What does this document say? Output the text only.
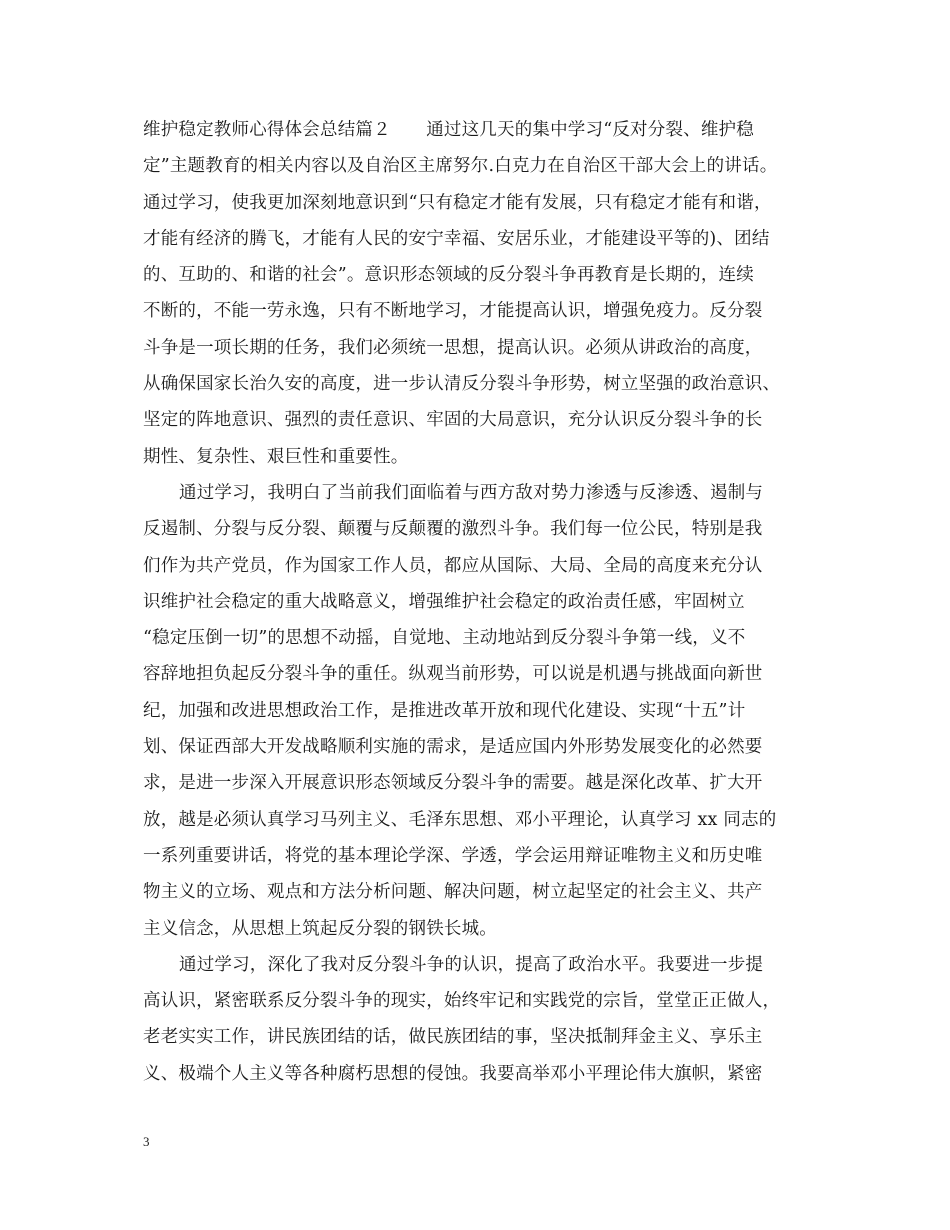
维护稳定教师心得体会总结篇２　　通过这几天的集中学习“反对分裂、维护稳
定”主题教育的相关内容以及自治区主席努尔.白克力在自治区干部大会上的讲话。
通过学习，使我更加深刻地意识到“只有稳定才能有发展，只有稳定才能有和谐，
才能有经济的腾飞，才能有人民的安宁幸福、安居乐业，才能建设平等的)、团结
的、互助的、和谐的社会”。意识形态领域的反分裂斗争再教育是长期的，连续
不断的，不能一劳永逸，只有不断地学习，才能提高认识，增强免疫力。反分裂
斗争是一项长期的任务，我们必须统一思想，提高认识。必须从讲政治的高度，
从确保国家长治久安的高度，进一步认清反分裂斗争形势，树立坚强的政治意识、
坚定的阵地意识、强烈的责任意识、牢固的大局意识，充分认识反分裂斗争的长
期性、复杂性、艰巨性和重要性。
通过学习，我明白了当前我们面临着与西方敌对势力渗透与反渗透、遏制与
反遏制、分裂与反分裂、颠覆与反颠覆的激烈斗争。我们每一位公民，特别是我
们作为共产党员，作为国家工作人员，都应从国际、大局、全局的高度来充分认
识维护社会稳定的重大战略意义，增强维护社会稳定的政治责任感，牢固树立
“稳定压倒一切”的思想不动摇，自觉地、主动地站到反分裂斗争第一线，义不
容辞地担负起反分裂斗争的重任。纵观当前形势，可以说是机遇与挑战面向新世
纪，加强和改进思想政治工作，是推进改革开放和现代化建设、实现“十五”计
划、保证西部大开发战略顺利实施的需求，是适应国内外形势发展变化的必然要
求，是进一步深入开展意识形态领域反分裂斗争的需要。越是深化改革、扩大开
放，越是必须认真学习马列主义、毛泽东思想、邓小平理论，认真学习 xx 同志的
一系列重要讲话，将党的基本理论学深、学透，学会运用辩证唯物主义和历史唯
物主义的立场、观点和方法分析问题、解决问题，树立起坚定的社会主义、共产
主义信念，从思想上筑起反分裂的钢铁长城。
通过学习，深化了我对反分裂斗争的认识，提高了政治水平。我要进一步提
高认识，紧密联系反分裂斗争的现实，始终牢记和实践党的宗旨，堂堂正正做人，
老老实实工作，讲民族团结的话，做民族团结的事，坚决抵制拜金主义、享乐主
义、极端个人主义等各种腐朽思想的侵蚀。我要高举邓小平理论伟大旗帜，紧密
3
